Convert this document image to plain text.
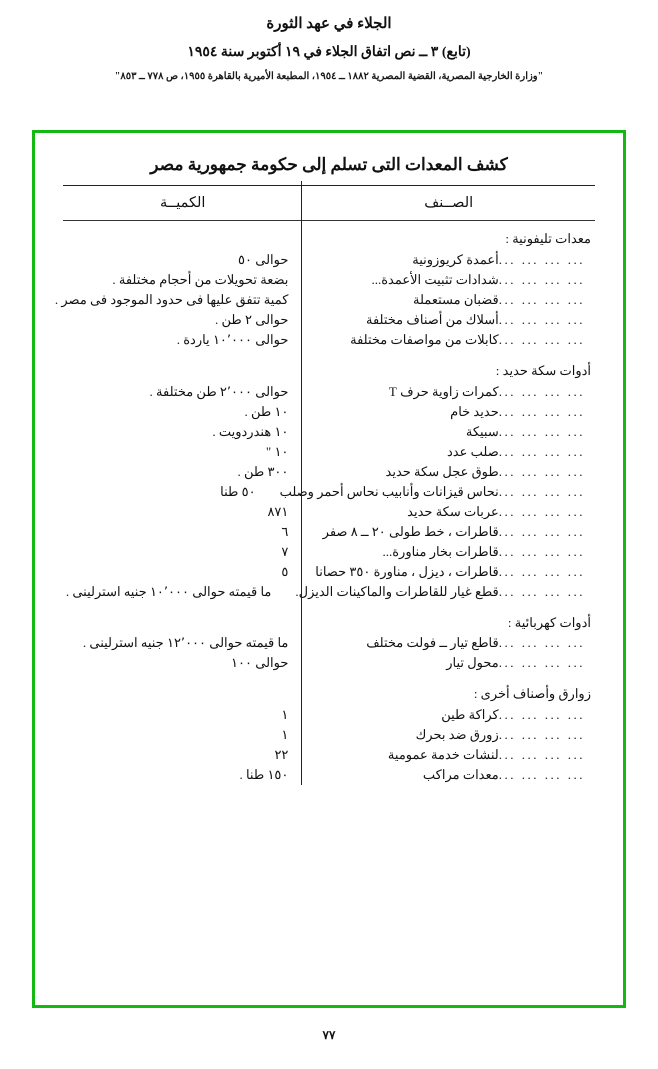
الجلاء في عهد الثورة
(تابع) ٣ ــ نص اتفاق الجلاء في ١٩ أكتوبر سنة ١٩٥٤
"وزارة الخارجية المصرية، القضية المصرية ١٨٨٢ ــ ١٩٥٤، المطبعة الأميرية بالقاهرة ١٩٥٥، ص ٧٧٨ ــ ٨٥٣"
كشف المعدات التى تسلم إلى حكومة جمهورية مصر
الصــنف
الكميــة
معدات تليفونية :
... ... ... ...
أعمدة كريوزونية
حوالى ٥٠
... ... ... ...
شدادات تثبيت الأعمدة...
بضعة تحويلات من أحجام مختلفة .
... ... ... ...
قضبان مستعملة
كمية تتفق عليها فى حدود الموجود فى مصر .
... ... ... ...
أسلاك من أصناف مختلفة
حوالى ٢ طن .
... ... ... ...
كابلات من مواصفات مختلفة
حوالى ١٠٬٠٠٠ ياردة .
أدوات سكة حديد :
... ... ... ...
كمرات زاوية حرف T
حوالى ٢٬٠٠٠ طن مختلفة .
... ... ... ...
حديد خام
١٠ طن .
... ... ... ...
سبيكة
١٠ هندردويت .
... ... ... ...
صلب عدد
١٠ "
... ... ... ...
طوق عجل سكة حديد
٣٠٠ طن .
... ... ... ...
نحاس قيزانات وأنابيب نحاس أحمر وصلب
٥٠ طنا
... ... ... ...
عربات سكة حديد
٨٧١
... ... ... ...
قاطرات ، خط طولى ٢٠ ــ ٨ صفر
٦
... ... ... ...
قاطرات بخار مناورة...
٧
... ... ... ...
قاطرات ، ديزل ، مناورة ٣٥٠ حصانا
٥
... ... ... ...
قطع غيار للقاطرات والماكينات الديزل.
ما قيمته حوالى ١٠٬٠٠٠ جنيه استرلينى .
أدوات كهربائية :
... ... ... ...
قاطع تيار ــ فولت مختلف
ما قيمته حوالى ١٢٬٠٠٠ جنيه استرلينى .
... ... ... ...
محول تيار
حوالى ١٠٠
زوارق وأصناف أخرى :
... ... ... ...
كراكة طين
١
... ... ... ...
زورق ضد بحرك
١
... ... ... ...
لنشات خدمة عمومية
٢٢
... ... ... ...
معدات مراكب
١٥٠ طنا .
٧٧
